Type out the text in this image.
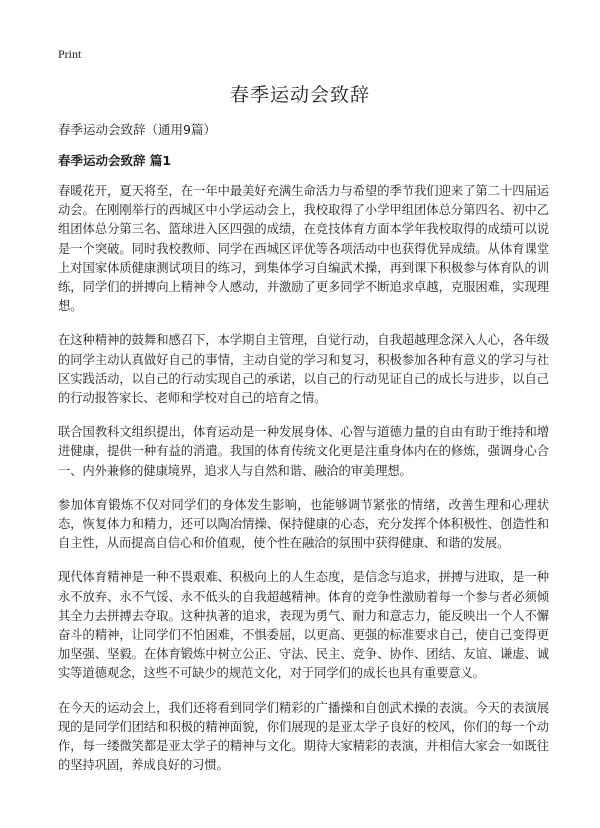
Print
春季运动会致辞

春季运动会致辞（通用9篇）

春季运动会致辞 篇1

春暖花开，夏天将至，在一年中最美好充满生命活力与希望的季节我们迎来了第二十四届运动会。在刚刚举行的西城区中小学运动会上，我校取得了小学甲组团体总分第四名、初中乙组团体总分第三名、篮球进入区四强的成绩，在竞技体育方面本学年我校取得的成绩可以说是一个突破。同时我校教师、同学在西城区评优等各项活动中也获得优异成绩。从体育课堂上对国家体质健康测试项目的练习，到集体学习自编武术操，再到课下积极参与体育队的训练，同学们的拼搏向上精神令人感动，并激励了更多同学不断追求卓越，克服困难，实现理想。

在这种精神的鼓舞和感召下，本学期自主管理，自觉行动，自我超越理念深入人心，各年级的同学主动认真做好自己的事情，主动自觉的学习和复习，积极参加各种有意义的学习与社区实践活动，以自己的行动实现自己的承诺，以自己的行动见证自己的成长与进步，以自己的行动报答家长、老师和学校对自己的培育之情。

联合国教科文组织提出，体育运动是一种发展身体、心智与道德力量的自由有助于维持和增进健康，提供一种有益的消遣。我国的体育传统文化更是注重身体内在的修炼，强调身心合一、内外兼修的健康境界，追求人与自然和谐、融洽的审美理想。

参加体育锻炼不仅对同学们的身体发生影响，也能够调节紧张的情绪，改善生理和心理状态，恢复体力和精力，还可以陶冶情操、保持健康的心态，充分发挥个体积极性、创造性和自主性，从而提高自信心和价值观，使个性在融洽的氛围中获得健康、和谐的发展。

现代体育精神是一种不畏艰难、积极向上的人生态度，是信念与追求，拼搏与进取，是一种永不放弃、永不气馁、永不低头的自我超越精神。体育的竞争性激励着每一个参与者必须倾其全力去拼搏去夺取。这种执著的追求，表现为勇气、耐力和意志力，能反映出一个人不懈奋斗的精神，让同学们不怕困难，不惧委屈，以更高、更强的标准要求自己，使自己变得更加坚强、坚毅。在体育锻炼中树立公正、守法、民主、竞争、协作、团结、友谊、谦虚、诚实等道德观念，这些不可缺少的规范文化，对于同学们的成长也具有重要意义。

在今天的运动会上，我们还将看到同学们精彩的广播操和自创武术操的表演。今天的表演展现的是同学们团结和积极的精神面貌，你们展现的是亚太学子良好的校风，你们的每一个动作，每一缕微笑都是亚太学子的精神与文化。期待大家精彩的表演，并相信大家会一如既往的坚持巩固，养成良好的习惯。
